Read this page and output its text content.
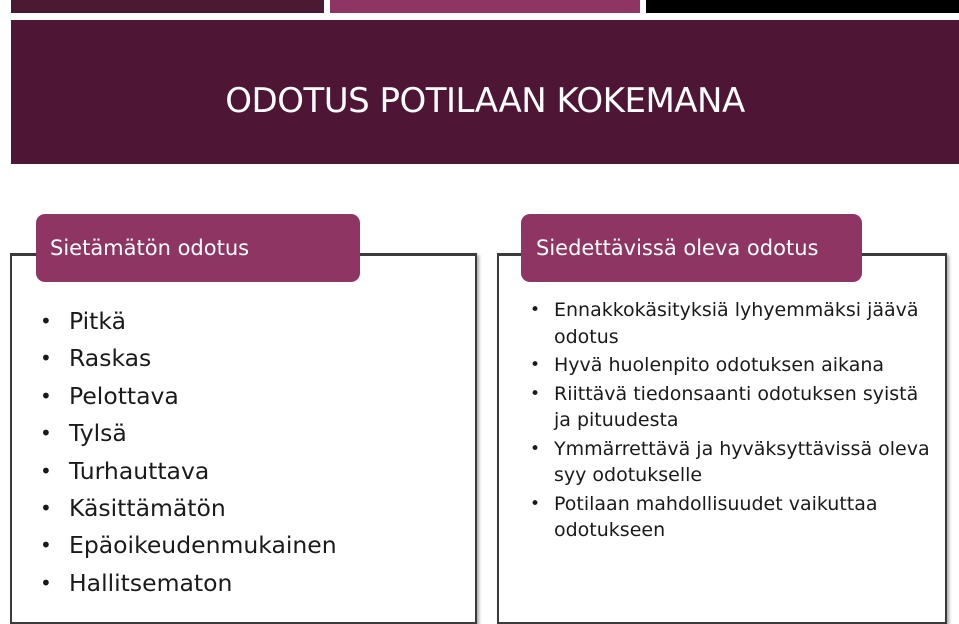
ODOTUS POTILAAN KOKEMANA
Sietämätön odotus	Siedettävissä oleva odotus
• Pitkä
• Raskas
• Pelottava
• Tylsä
• Turhauttava
• Käsittämätön
• Epäoikeudenmukainen
• Hallitsematon
• Ennakkokäsityksiä lyhyemmäksi jäävä odotus
• Hyvä huolenpito odotuksen aikana
• Riittävä tiedonsaanti odotuksen syistä ja pituudesta
• Ymmärrettävä ja hyväksyttävissä oleva syy odotukselle
• Potilaan mahdollisuudet vaikuttaa odotukseen
